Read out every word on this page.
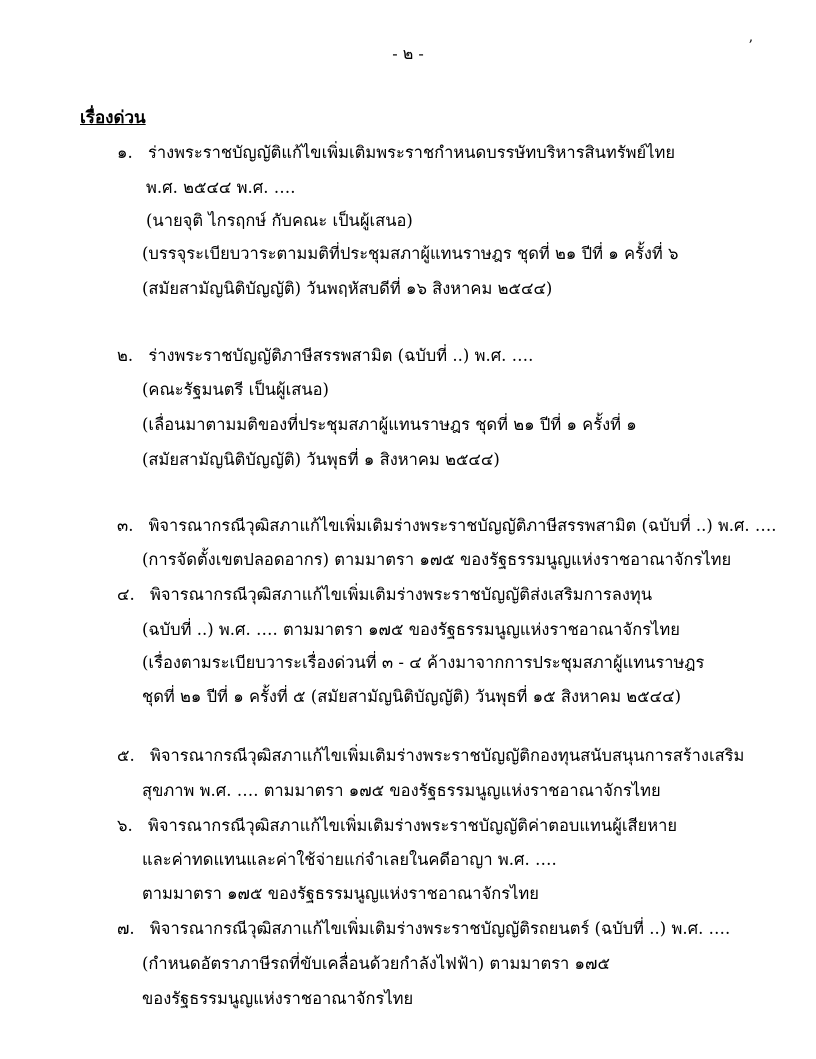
- ๒ -	ʼ
เรื่องด่วน
๑. ร่างพระราชบัญญัติแก้ไขเพิ่มเติมพระราชกำหนดบรรษัทบริหารสินทรัพย์ไทย
พ.ศ. ๒๕๔๔ พ.ศ. ….
(นายจุติ ไกรฤกษ์ กับคณะ เป็นผู้เสนอ)
(บรรจุระเบียบวาระตามมติที่ประชุมสภาผู้แทนราษฎร ชุดที่ ๒๑ ปีที่ ๑ ครั้งที่ ๖
(สมัยสามัญนิติบัญญัติ) วันพฤหัสบดีที่ ๑๖ สิงหาคม ๒๕๔๔)
๒. ร่างพระราชบัญญัติภาษีสรรพสามิต (ฉบับที่ ..) พ.ศ. ….
(คณะรัฐมนตรี เป็นผู้เสนอ)
(เลื่อนมาตามมติของที่ประชุมสภาผู้แทนราษฎร ชุดที่ ๒๑ ปีที่ ๑ ครั้งที่ ๑
(สมัยสามัญนิติบัญญัติ) วันพุธที่ ๑ สิงหาคม ๒๕๔๔)
๓. พิจารณากรณีวุฒิสภาแก้ไขเพิ่มเติมร่างพระราชบัญญัติภาษีสรรพสามิต (ฉบับที่ ..) พ.ศ. ….
(การจัดตั้งเขตปลอดอากร) ตามมาตรา ๑๗๕ ของรัฐธรรมนูญแห่งราชอาณาจักรไทย
๔. พิจารณากรณีวุฒิสภาแก้ไขเพิ่มเติมร่างพระราชบัญญัติส่งเสริมการลงทุน
(ฉบับที่ ..) พ.ศ. …. ตามมาตรา ๑๗๕ ของรัฐธรรมนูญแห่งราชอาณาจักรไทย
(เรื่องตามระเบียบวาระเรื่องด่วนที่ ๓ - ๔ ค้างมาจากการประชุมสภาผู้แทนราษฎร
ชุดที่ ๒๑ ปีที่ ๑ ครั้งที่ ๕ (สมัยสามัญนิติบัญญัติ) วันพุธที่ ๑๕ สิงหาคม ๒๕๔๔)
๕. พิจารณากรณีวุฒิสภาแก้ไขเพิ่มเติมร่างพระราชบัญญัติกองทุนสนับสนุนการสร้างเสริม
สุขภาพ พ.ศ. …. ตามมาตรา ๑๗๕ ของรัฐธรรมนูญแห่งราชอาณาจักรไทย
๖. พิจารณากรณีวุฒิสภาแก้ไขเพิ่มเติมร่างพระราชบัญญัติค่าตอบแทนผู้เสียหาย
และค่าทดแทนและค่าใช้จ่ายแก่จำเลยในคดีอาญา พ.ศ. ….
ตามมาตรา ๑๗๕ ของรัฐธรรมนูญแห่งราชอาณาจักรไทย
๗. พิจารณากรณีวุฒิสภาแก้ไขเพิ่มเติมร่างพระราชบัญญัติรถยนตร์ (ฉบับที่ ..) พ.ศ. ….
(กำหนดอัตราภาษีรถที่ขับเคลื่อนด้วยกำลังไฟฟ้า) ตามมาตรา ๑๗๕
ของรัฐธรรมนูญแห่งราชอาณาจักรไทย
